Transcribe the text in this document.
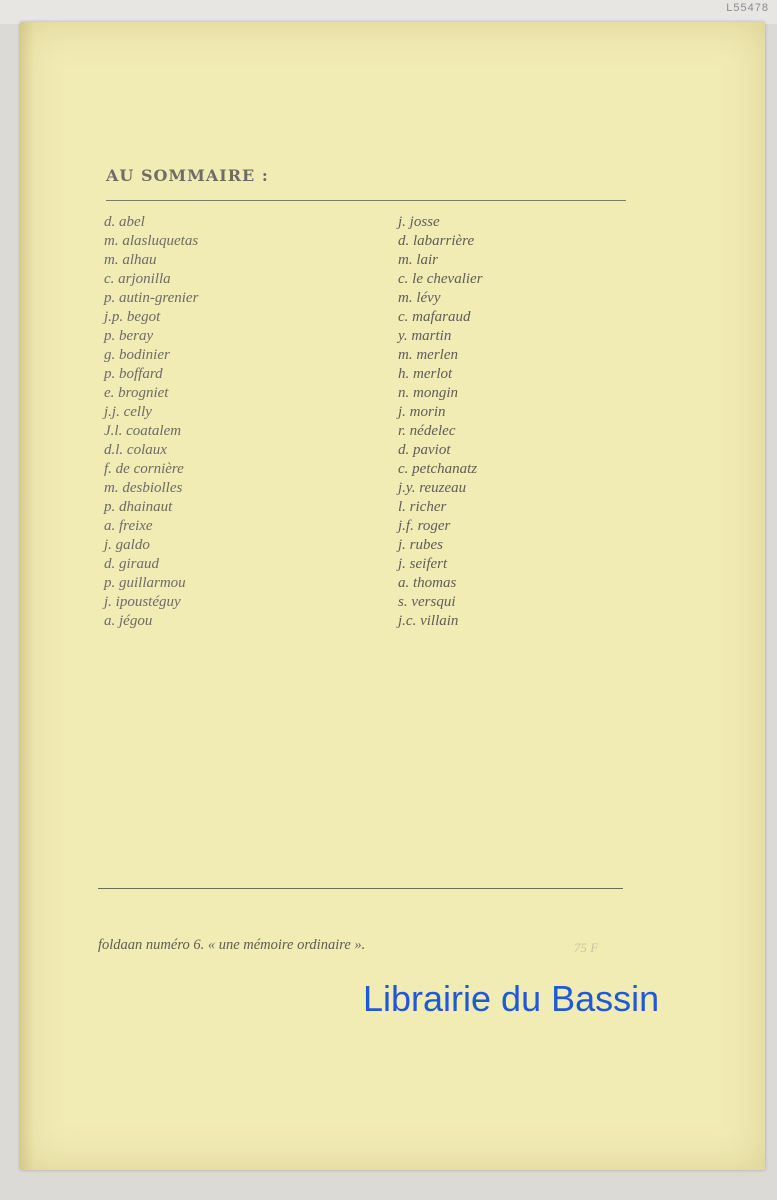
L55478
AU SOMMAIRE :
d. abel
m. alasluquetas
m. alhau
c. arjonilla
p. autin-grenier
j.p. begot
p. beray
g. bodinier
p. boffard
e. brogniet
j.j. celly
J.l. coatalem
d.l. colaux
f. de cornière
m. desbiolles
p. dhainaut
a. freixe
j. galdo
d. giraud
p. guillarmou
j. ipoustéguy
a. jégou
j. josse
d. labarrière
m. lair
c. le chevalier
m. lévy
c. mafaraud
y. martin
m. merlen
h. merlot
n. mongin
j. morin
r. nédelec
d. paviot
c. petchanatz
j.y. reuzeau
l. richer
j.f. roger
j. rubes
j. seifert
a. thomas
s. versqui
j.c. villain
foldaan numéro 6. « une mémoire ordinaire ».	75 F
Librairie du Bassin
